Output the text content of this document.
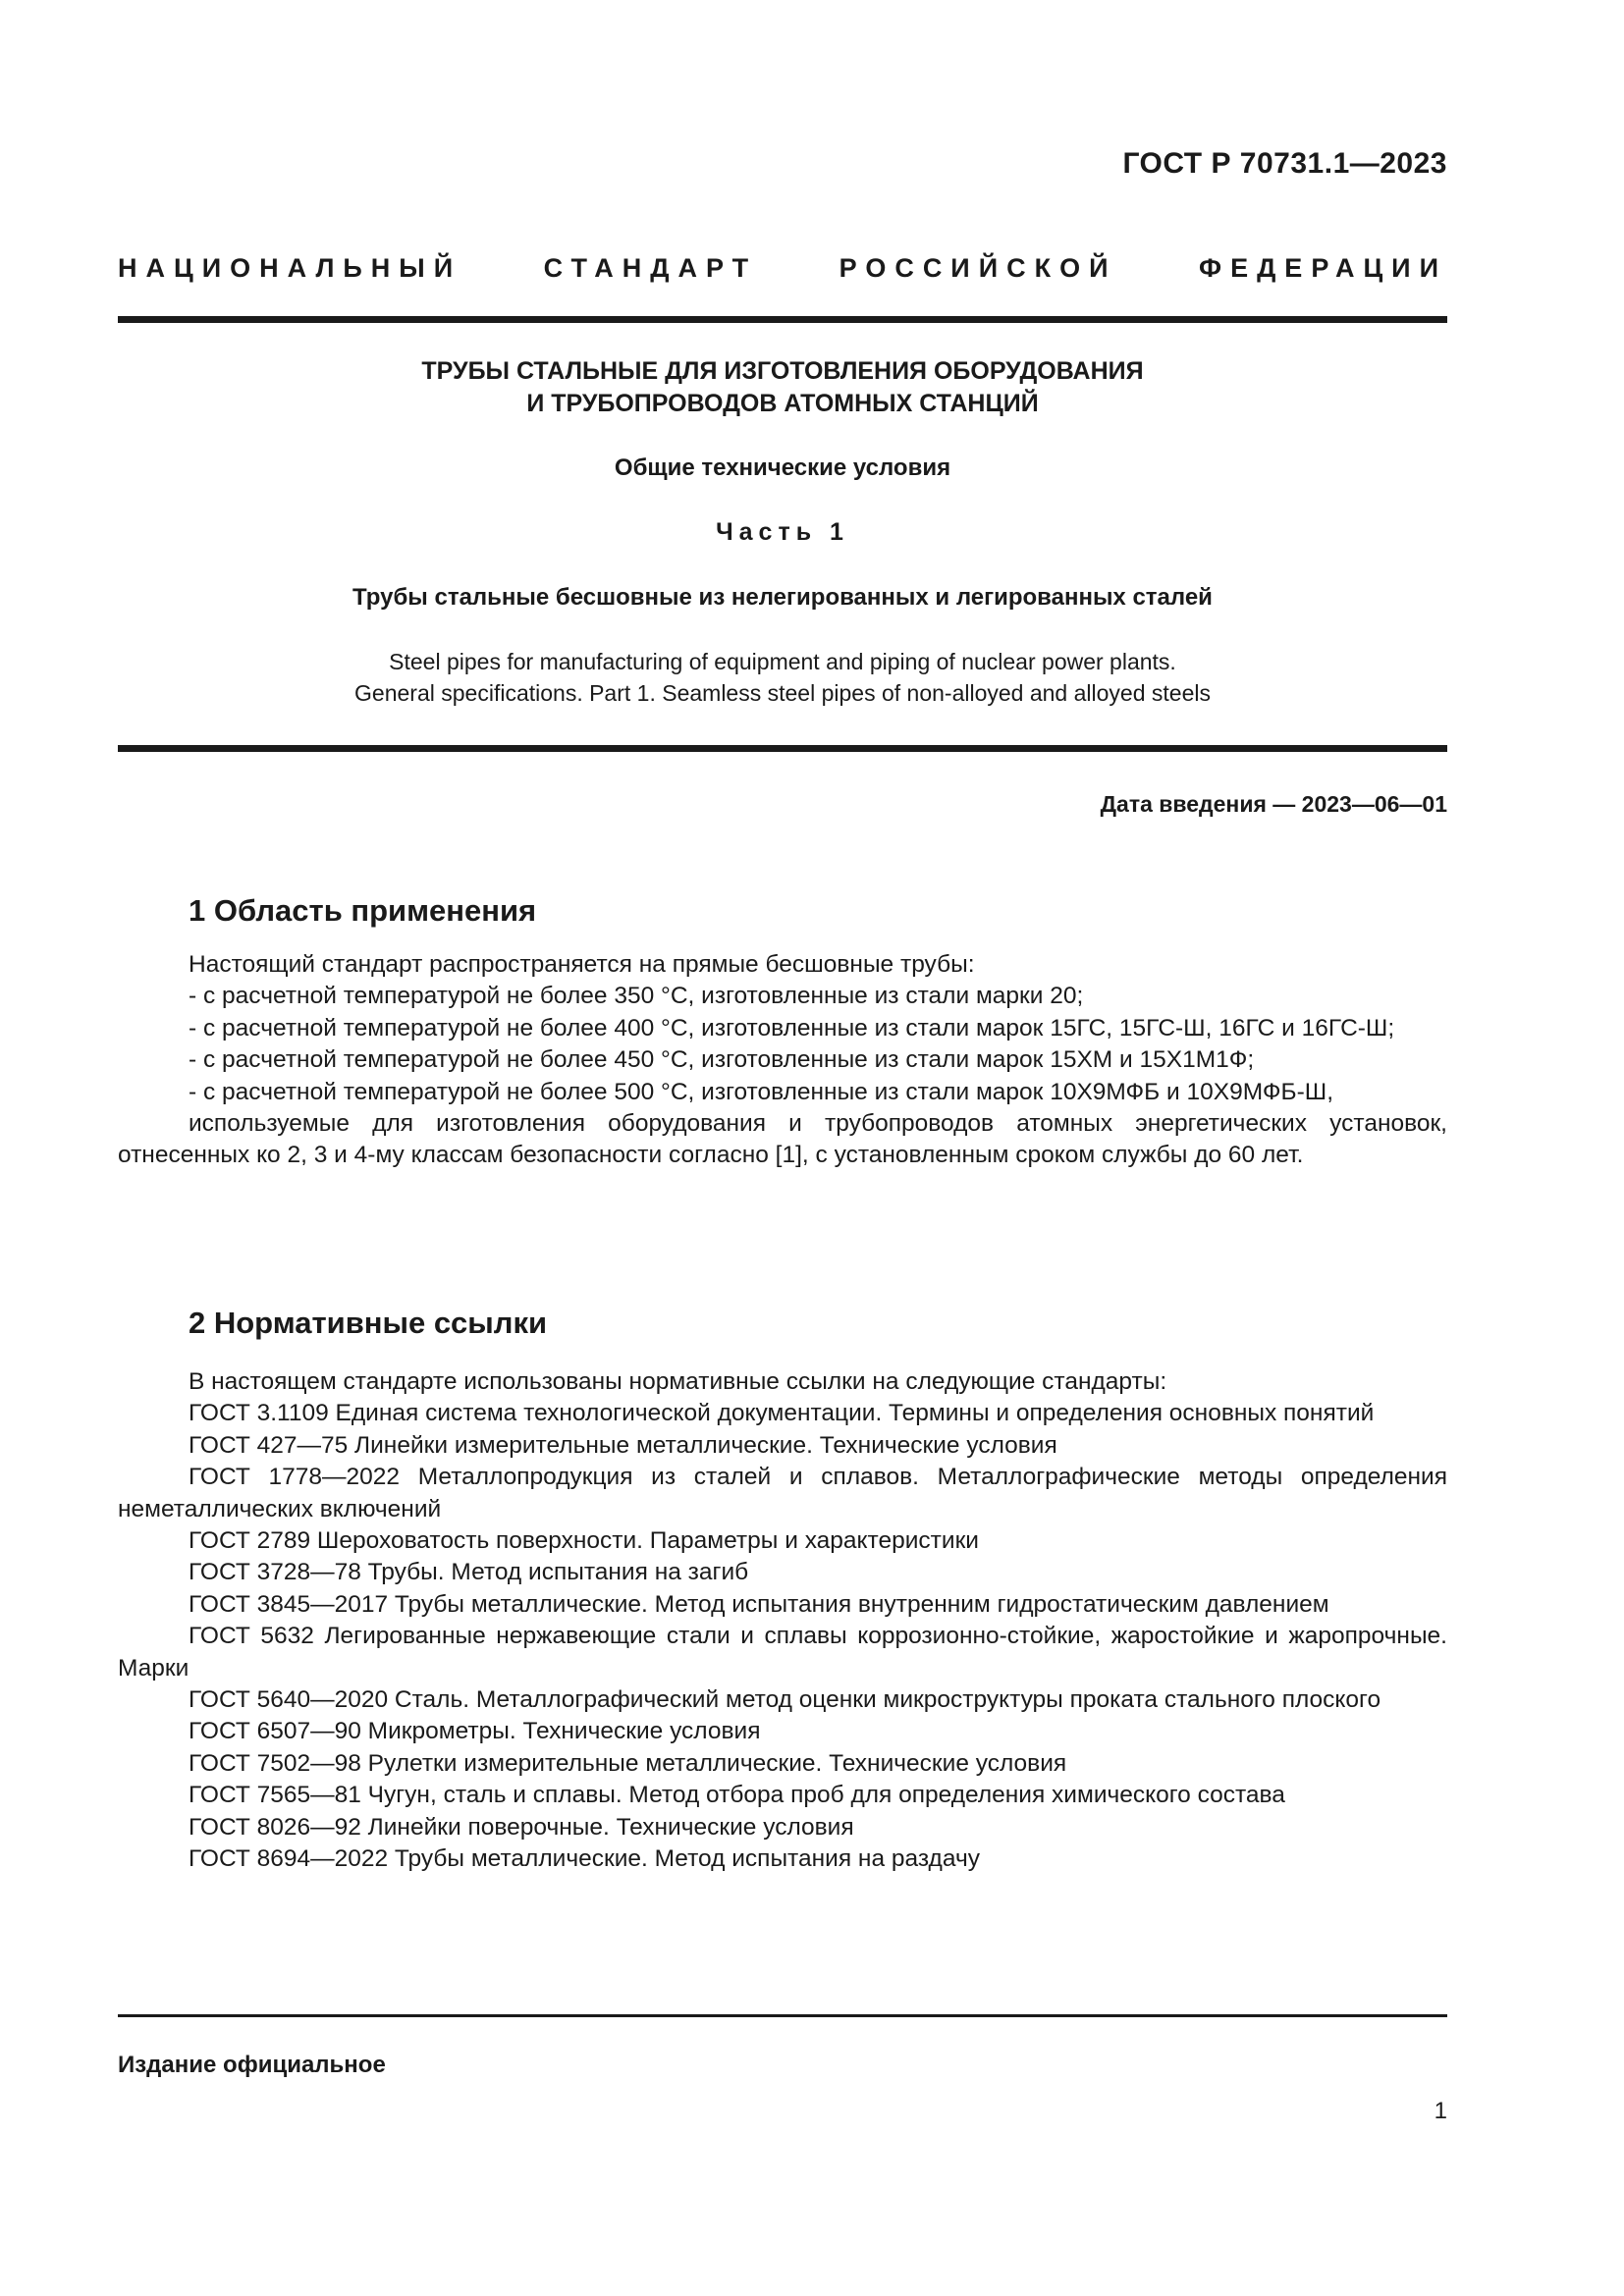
ГОСТ Р 70731.1—2023
НАЦИОНАЛЬНЫЙ СТАНДАРТ РОССИЙСКОЙ ФЕДЕРАЦИИ
ТРУБЫ СТАЛЬНЫЕ ДЛЯ ИЗГОТОВЛЕНИЯ ОБОРУДОВАНИЯ
И ТРУБОПРОВОДОВ АТОМНЫХ СТАНЦИЙ
Общие технические условия
Часть 1
Трубы стальные бесшовные из нелегированных и легированных сталей
Steel pipes for manufacturing of equipment and piping of nuclear power plants.
General specifications. Part 1. Seamless steel pipes of non-alloyed and alloyed steels
Дата введения — 2023—06—01
1 Область применения

Настоящий стандарт распространяется на прямые бесшовные трубы:

- с расчетной температурой не более 350 °С, изготовленные из стали марки 20;

- с расчетной температурой не более 400 °С, изготовленные из стали марок 15ГС, 15ГС-Ш, 16ГС и 16ГС-Ш;

- с расчетной температурой не более 450 °С, изготовленные из стали марок 15ХМ и 15Х1М1Ф;

- с расчетной температурой не более 500 °С, изготовленные из стали марок 10Х9МФБ и 10Х9МФБ-Ш,

используемые для изготовления оборудования и трубопроводов атомных энергетических установок, отнесенных ко 2, 3 и 4-му классам безопасности согласно [1], с установленным сроком службы до 60 лет.

2 Нормативные ссылки

В настоящем стандарте использованы нормативные ссылки на следующие стандарты:

ГОСТ 3.1109 Единая система технологической документации. Термины и определения основных понятий

ГОСТ 427—75 Линейки измерительные металлические. Технические условия

ГОСТ 1778—2022 Металлопродукция из сталей и сплавов. Металлографические методы определения неметаллических включений

ГОСТ 2789 Шероховатость поверхности. Параметры и характеристики

ГОСТ 3728—78 Трубы. Метод испытания на загиб

ГОСТ 3845—2017 Трубы металлические. Метод испытания внутренним гидростатическим давлением

ГОСТ 5632 Легированные нержавеющие стали и сплавы коррозионно-стойкие, жаростойкие и жаропрочные. Марки

ГОСТ 5640—2020 Сталь. Металлографический метод оценки микроструктуры проката стального плоского

ГОСТ 6507—90 Микрометры. Технические условия

ГОСТ 7502—98 Рулетки измерительные металлические. Технические условия

ГОСТ 7565—81 Чугун, сталь и сплавы. Метод отбора проб для определения химического состава

ГОСТ 8026—92 Линейки поверочные. Технические условия

ГОСТ 8694—2022 Трубы металлические. Метод испытания на раздачу

Издание официальное
1
